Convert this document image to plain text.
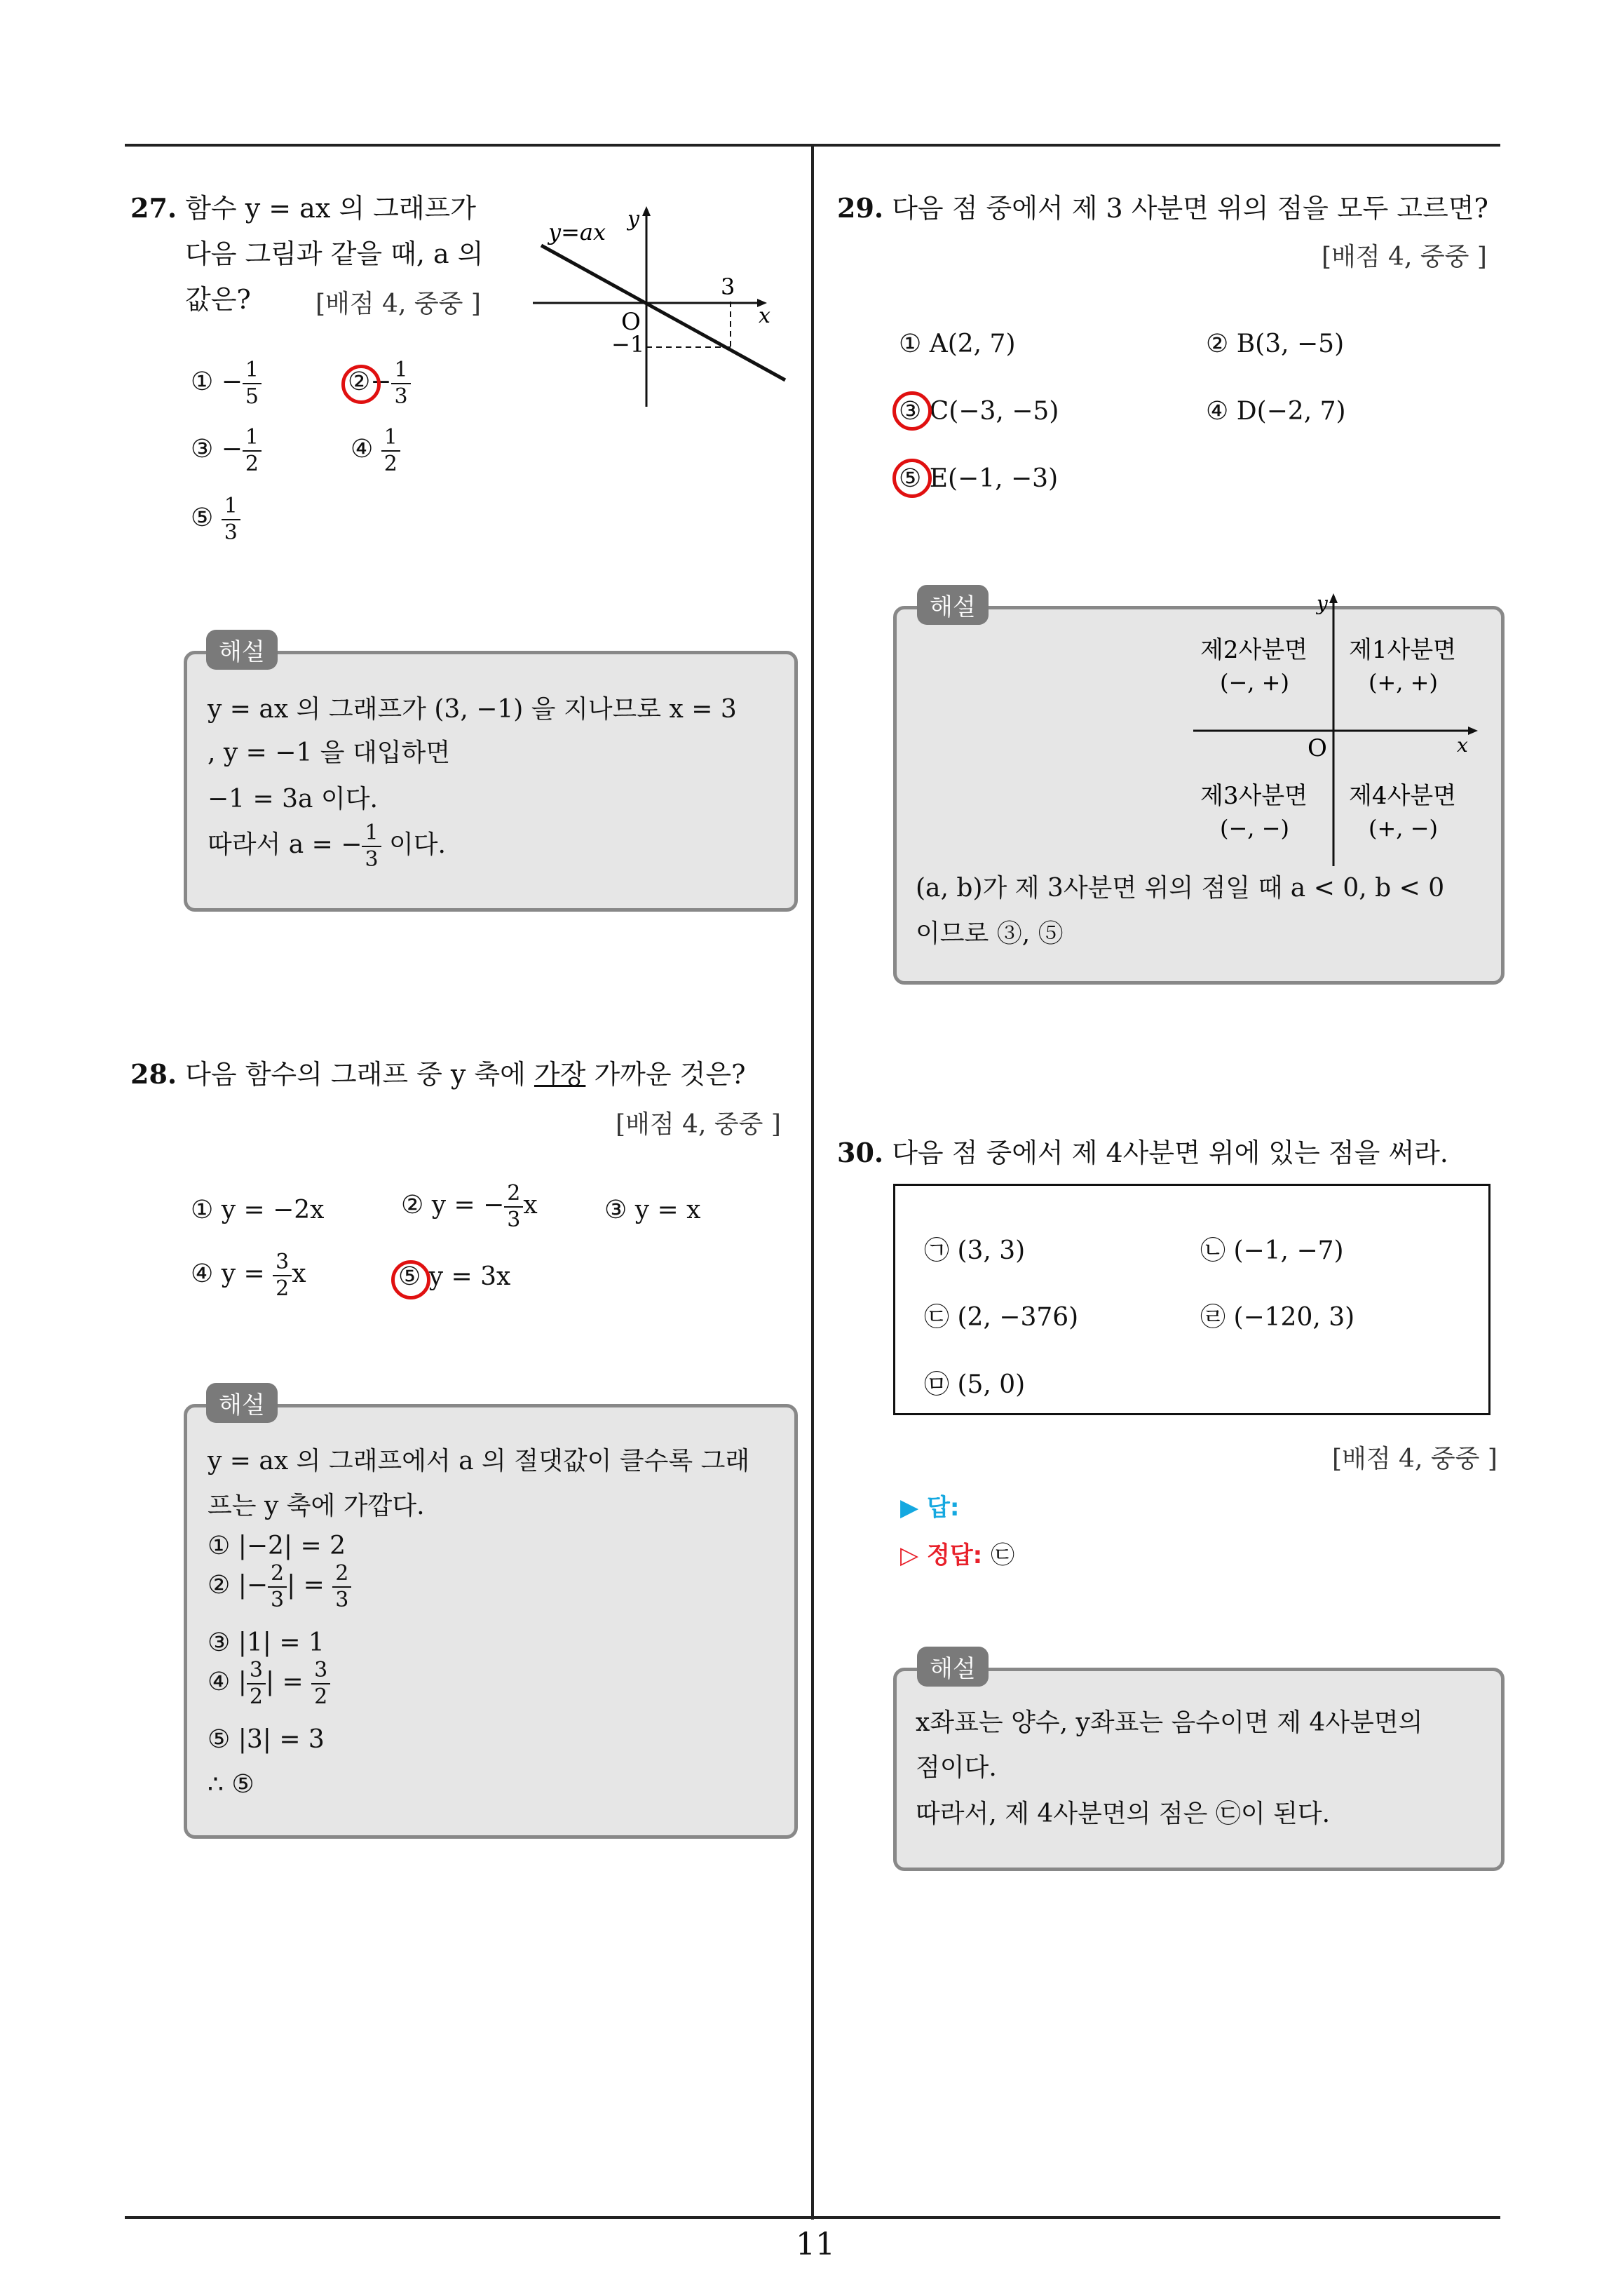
11
27. 함수 y = ax 의 그래프가
다음 그림과 같을 때, a 의
값은?	[배점 4, 중중 ]
y=ax y
x
O
3
−1
① − $\frac{1}{5}$	②− $\frac{1}{3}$
③ − $\frac{1}{2}$	④ $\frac{1}{2}$
⑤ $\frac{1}{3}$
해설
y = ax 의 그래프가 (3, −1) 을 지나므로 x = 3
, y = −1 을 대입하면
−1 = 3a 이다.
따라서 a = − $\frac{1}{3}$ 이다.
28. 다음 함수의 그래프 중 y 축에 가장 가까운 것은?
[배점 4, 중중 ]
① y = −2x	② y = − $\frac{2}{3}$ x	③ y = x
④ $y = \frac{3}{2}$ x	⑤ y = 3x
해설
y = ax 의 그래프에서 a 의 절댓값이 클수록 그래
프는 y 축에 가깝다.
① |−2| = 2
② |− $\frac{2}{3}$ | = $\frac{2}{3}$
③ |1| = 1
④ | $\frac{3}{2}$ | = $\frac{3}{2}$
⑤ |3| = 3
∴ ⑤
29. 다음 점 중에서 제 3 사분면 위의 점을 모두 고르면?
[배점 4, 중중 ]
① A(2, 7)	② B(3, −5)
③ C(−3, −5)	④ D(−2, 7)
⑤ E(−1, −3)
해설	y
x
O
제2사분면
(−, +)
제1사분면
(+, +)
제3사분면
(−, −)
제4사분면
(+, −)
(a, b)가 제 3사분면 위의 점일 때 a < 0, b < 0
이므로 ③, ⑤
30. 다음 점 중에서 제 4사분면 위에 있는 점을 써라.
㉠ (3, 3)	㉡ (−1, −7)
㉢ (2, −376)	㉣ (−120, 3)
㉤ (5, 0)
[배점 4, 중중 ]
▶ 답:
▷ 정답: ㉢
해설
x좌표는 양수, y좌표는 음수이면 제 4사분면의
점이다.
따라서, 제 4사분면의 점은 ㉢이 된다.
